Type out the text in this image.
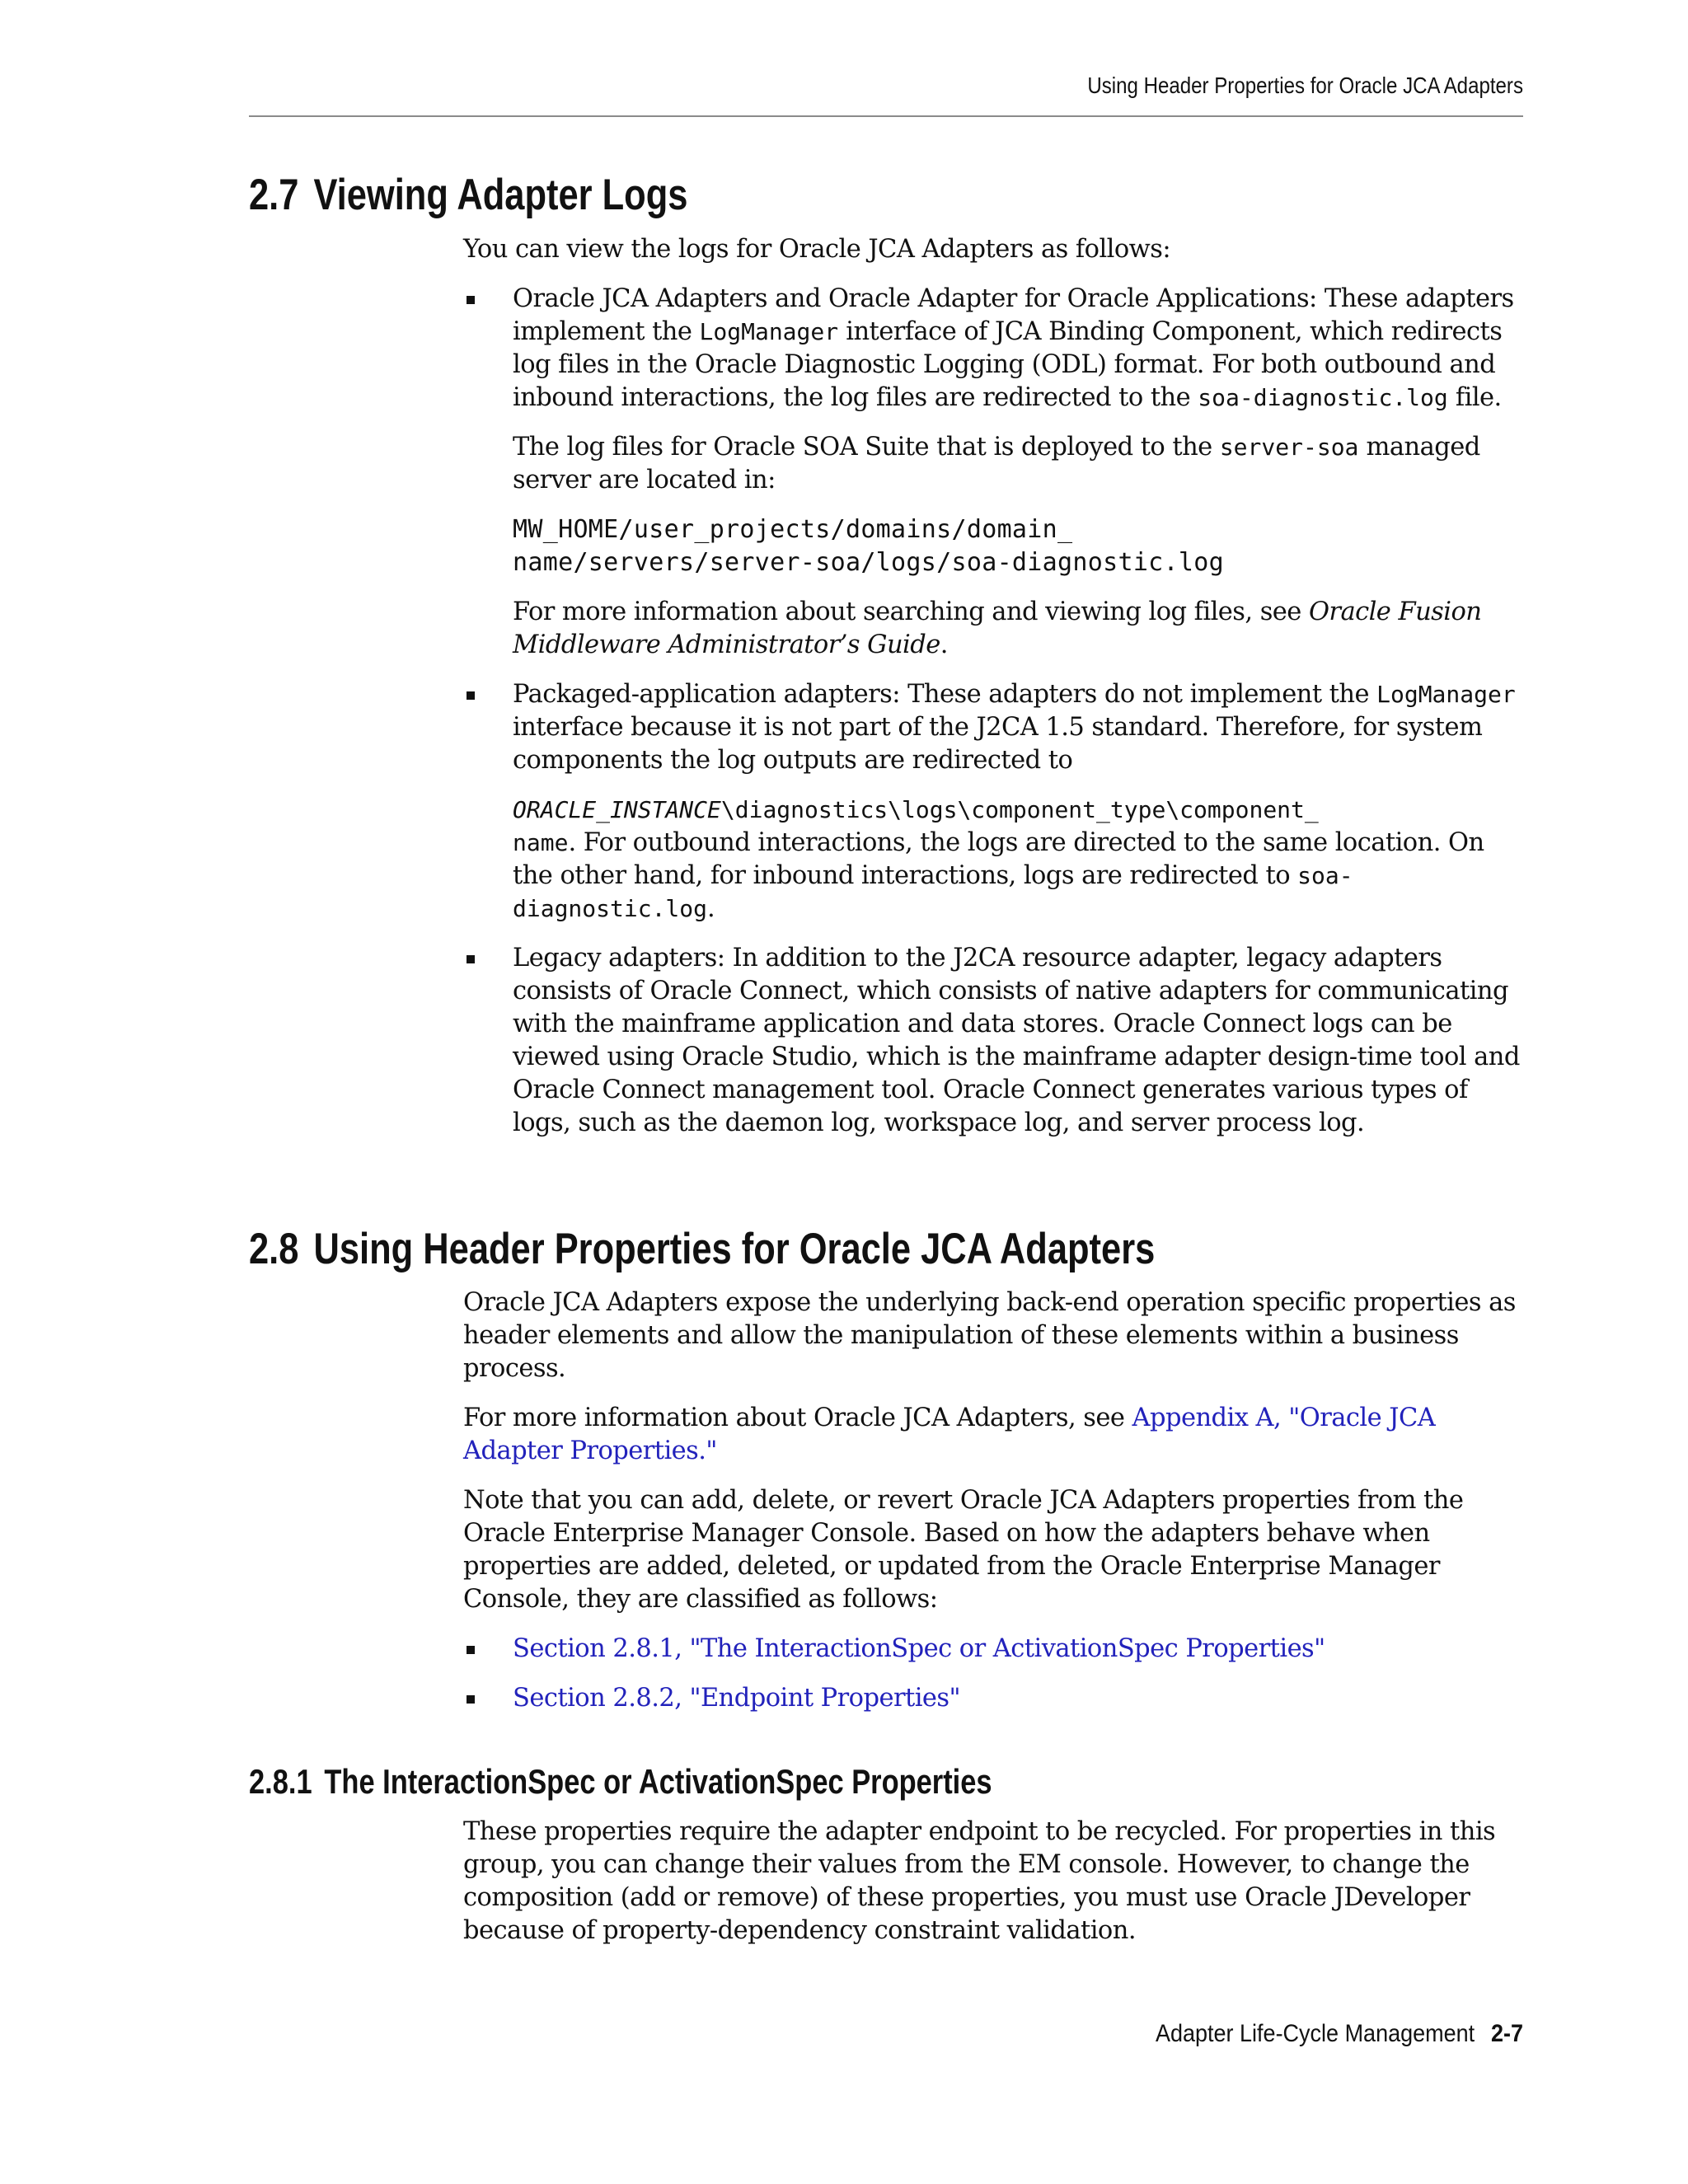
Using Header Properties for Oracle JCA Adapters
2.7 Viewing Adapter Logs

You can view the logs for Oracle JCA Adapters as follows:

Oracle JCA Adapters and Oracle Adapter for Oracle Applications: These adapters implement the LogManager interface of JCA Binding Component, which redirects log files in the Oracle Diagnostic Logging (ODL) format. For both outbound and inbound interactions, the log files are redirected to the soa-diagnostic.log file.

The log files for Oracle SOA Suite that is deployed to the server-soa managed server are located in:

MW_HOME/user_projects/domains/domain_
name/servers/server-soa/logs/soa-diagnostic.log

For more information about searching and viewing log files, see Oracle Fusion Middleware Administrator’s Guide.

Packaged-application adapters: These adapters do not implement the LogManager interface because it is not part of the J2CA 1.5 standard. Therefore, for system components the log outputs are redirected to

ORACLE_INSTANCE\diagnostics\logs\component_type\component_
name. For outbound interactions, the logs are directed to the same location. On the other hand, for inbound interactions, logs are redirected to soa-diagnostic.log.

Legacy adapters: In addition to the J2CA resource adapter, legacy adapters consists of Oracle Connect, which consists of native adapters for communicating with the mainframe application and data stores. Oracle Connect logs can be viewed using Oracle Studio, which is the mainframe adapter design-time tool and Oracle Connect management tool. Oracle Connect generates various types of logs, such as the daemon log, workspace log, and server process log.

2.8 Using Header Properties for Oracle JCA Adapters

Oracle JCA Adapters expose the underlying back-end operation specific properties as header elements and allow the manipulation of these elements within a business process.

For more information about Oracle JCA Adapters, see Appendix A, "Oracle JCA Adapter Properties."

Note that you can add, delete, or revert Oracle JCA Adapters properties from the Oracle Enterprise Manager Console. Based on how the adapters behave when properties are added, deleted, or updated from the Oracle Enterprise Manager Console, they are classified as follows:

Section 2.8.1, "The InteractionSpec or ActivationSpec Properties"

Section 2.8.2, "Endpoint Properties"

2.8.1 The InteractionSpec or ActivationSpec Properties

These properties require the adapter endpoint to be recycled. For properties in this group, you can change their values from the EM console. However, to change the composition (add or remove) of these properties, you must use Oracle JDeveloper because of property-dependency constraint validation.

Adapter Life-Cycle Management 2-7
